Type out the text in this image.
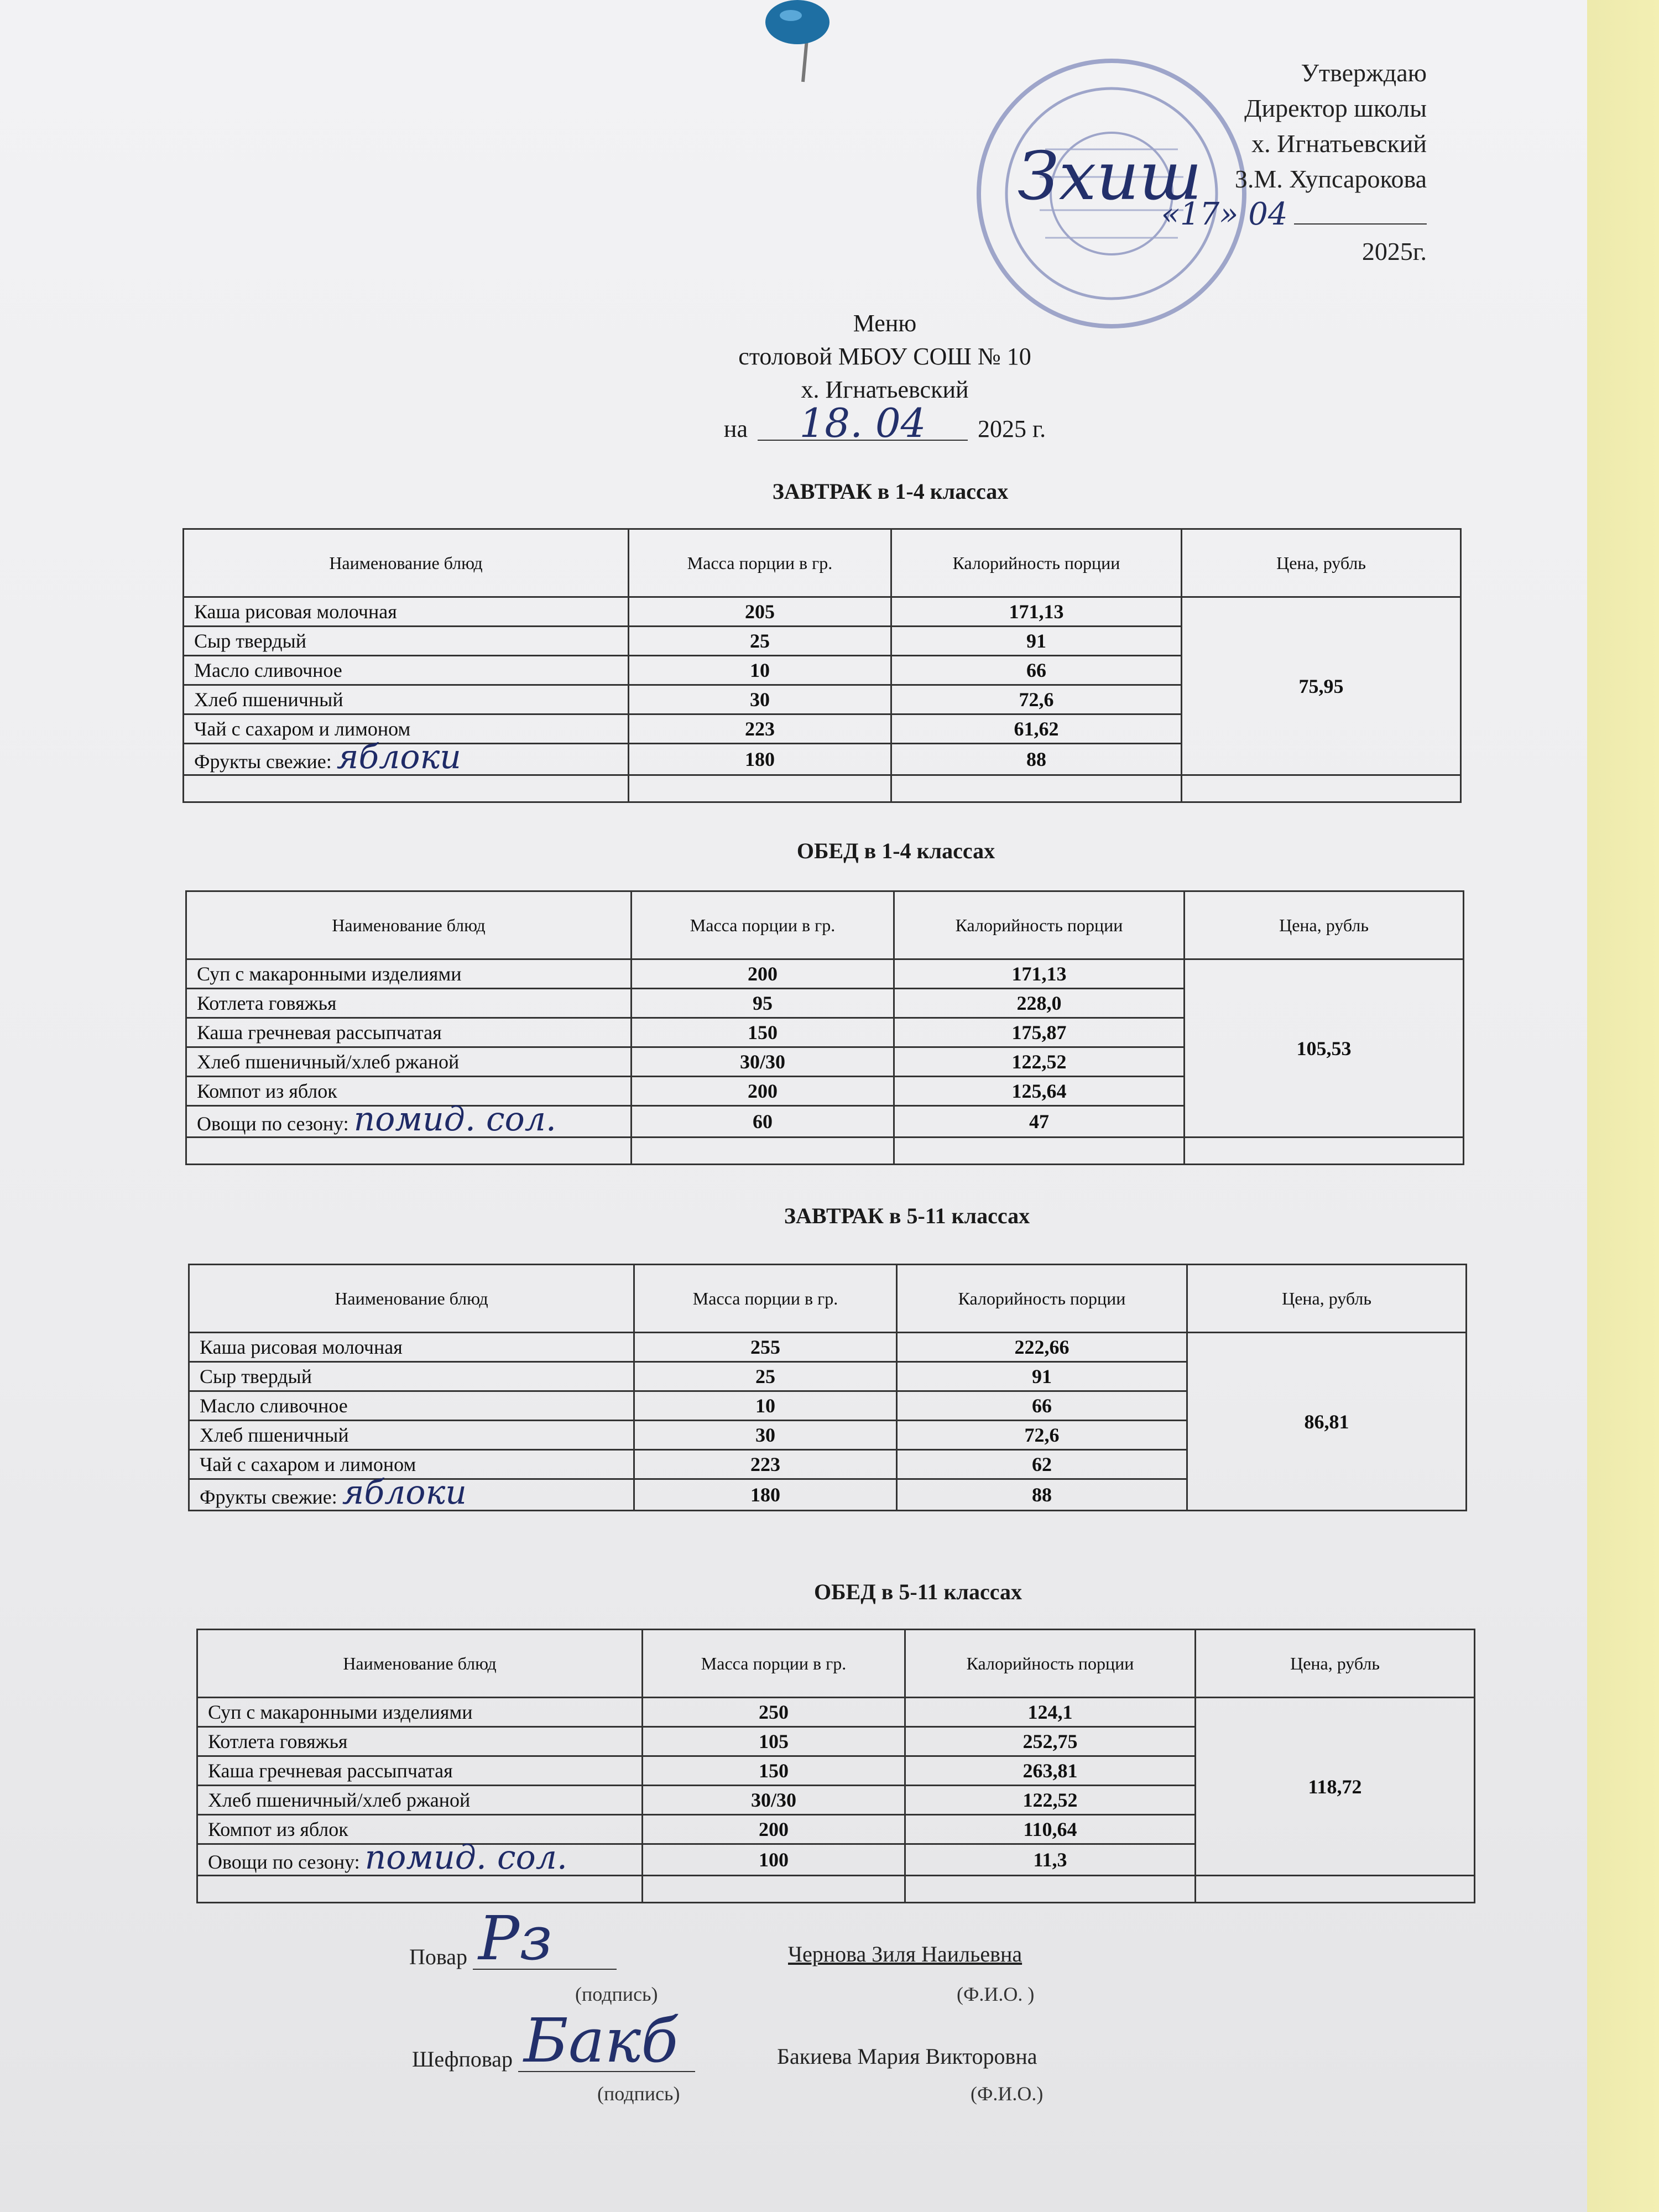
Утверждаю
Директор школы
х. Игнатьевский
З.М. Хупсарокова
«17» 04  2025г.
Зхиш
Меню
столовой МБОУ СОШ № 10
х. Игнатьевский
на	18. 04	2025 г.
ЗАВТРАК в 1-4 классах
Наименование блюд	Масса порции в гр.	Калорийность порции	Цена, рубль
Каша рисовая молочная	205	171,13	75,95
Сыр твердый	25	91	
Масло сливочное	10	66	
Хлеб пшеничный	30	72,6	
Чай с сахаром и лимоном	223	61,62	
Фрукты свежие: яблоки	180	88	

ОБЕД в 1-4 классах
Наименование блюд	Масса порции в гр.	Калорийность порции	Цена, рубль
Суп с макаронными изделиями	200	171,13	105,53
Котлета говяжья	95	228,0	
Каша гречневая рассыпчатая	150	175,87	
Хлеб пшеничный/хлеб ржаной	30/30	122,52	
Компот из яблок	200	125,64	
Овощи по сезону: помид. сол.	60	47	

ЗАВТРАК в 5-11 классах
Наименование блюд	Масса порции в гр.	Калорийность порции	Цена, рубль
Каша рисовая молочная	255	222,66	86,81
Сыр твердый	25	91	
Масло сливочное	10	66	
Хлеб пшеничный	30	72,6	
Чай с сахаром и лимоном	223	62	
Фрукты свежие: яблоки	180	88	
ОБЕД в 5-11 классах
Наименование блюд	Масса порции в гр.	Калорийность порции	Цена, рубль
Суп с макаронными изделиями	250	124,1	118,72
Котлета говяжья	105	252,75	
Каша гречневая рассыпчатая	150	263,81	
Хлеб пшеничный/хлеб ржаной	30/30	122,52	
Компот из яблок	200	110,64	
Овощи по сезону: помид. сол.	100	11,3	

Повар Рз	Чернова Зиля Наильевна
(подпись)	(Ф.И.О. )
Шефповар Бакб	Бакиева Мария Викторовна
(подпись)	(Ф.И.О.)
